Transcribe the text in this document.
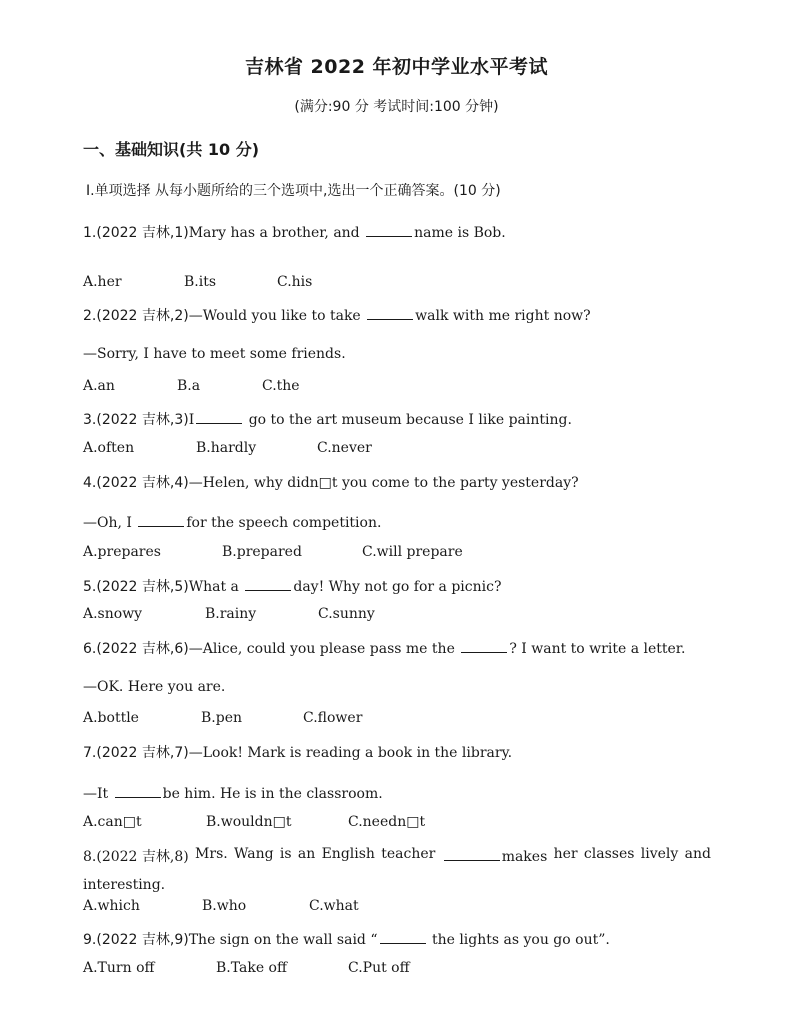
吉林省 2022 年初中学业水平考试
(满分:90 分 考试时间:100 分钟)
一、基础知识(共 10 分)
Ⅰ.单项选择 从每小题所给的三个选项中,选出一个正确答案。(10 分)
1.(2022 吉林,1)Mary has a brother, and	name is Bob.
A.her	B.its	C.his
2.(2022 吉林,2)—Would you like to take	walk with me right now?
—Sorry, I have to meet some friends.
A.an	B.a	C.the
3.(2022 吉林,3)I	go to the art museum because I like painting.
A.often	B.hardly	C.never
4.(2022 吉林,4)—Helen, why didn□t you come to the party yesterday?
—Oh, I	for the speech competition.
A.prepares	B.prepared	C.will prepare
5.(2022 吉林,5)What a	day! Why not go for a picnic?
A.snowy	B.rainy	C.sunny
6.(2022 吉林,6)—Alice, could you please pass me the	? I want to write a letter.
—OK. Here you are.
A.bottle	B.pen	C.flower
7.(2022 吉林,7)—Look! Mark is reading a book in the library.
—It	be him. He is in the classroom.
A.can□t	B.wouldn□t	C.needn□t
8.(2022 吉林,8) Mrs. Wang is an English teacher	makes her classes lively and
interesting.
A.which	B.who	C.what
9.(2022 吉林,9)The sign on the wall said “	the lights as you go out”.
A.Turn off	B.Take off	C.Put off
